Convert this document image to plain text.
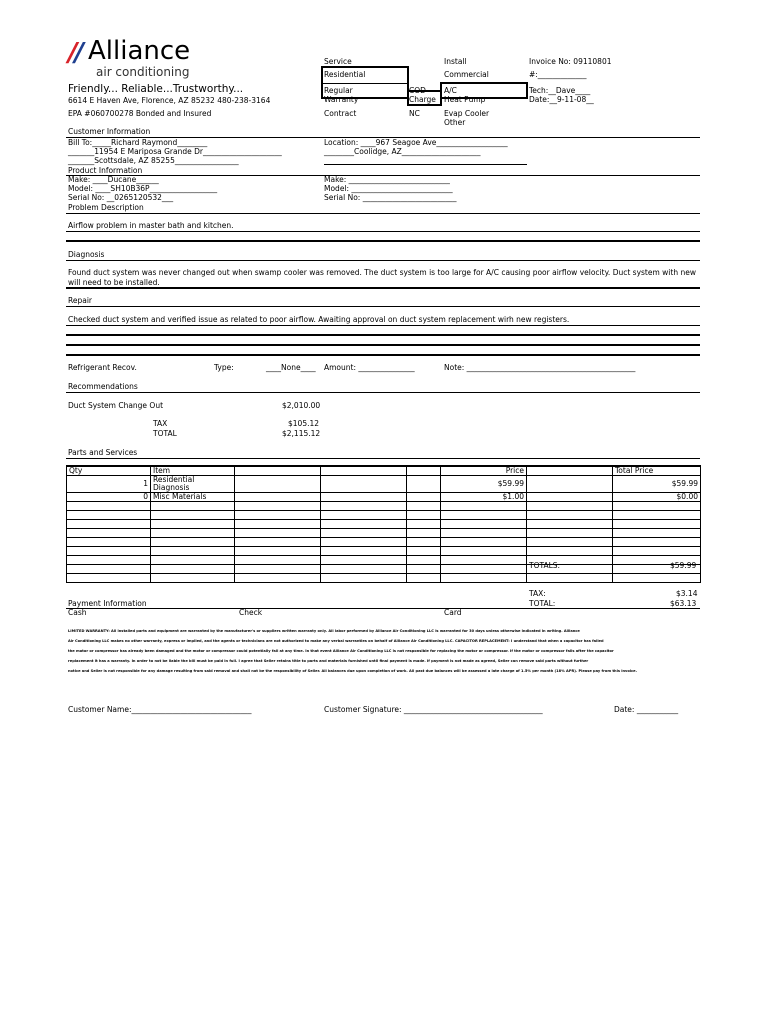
// Alliance
air conditioning
Friendly... Reliable...Trustworthy...
6614 E Haven Ave, Florence, AZ 85232 480-238-3164
EPA #060700278 Bonded and Insured
Service	Install	Invoice No: 09110801
Residential	Commercial	#:_____________
Regular	COD A/C	Tech:__Dave____
Warranty	Charge Heat Pump	Date:__9-11-08__
Contract	NC	Evap Cooler
Other
Customer Information
Bill To:_____Richard Raymond________
_______11954 E Mariposa Grande Dr_____________________
_______Scottsdale, AZ 85255_________________
Location: ____967 Seagoe Ave___________________
________Coolidge, AZ_____________________
Product Information
Make: ____Ducane______
Model: ____SH10B36P__________________
Serial No: __0265120532___
Make: ___________________________
Model: ___________________________
Serial No: _________________________
Problem Description
Airflow problem in master bath and kitchen.
Diagnosis
Found duct system was never changed out when swamp cooler was removed. The duct system is too large for A/C causing poor airflow velocity. Duct system with new
will need to be installed.
Repair
Checked duct system and verified issue as related to poor airflow. Awaiting approval on duct system replacement wirh new registers.
Refrigerant Recov.	Type:	____None____ Amount: _______________	Note: _____________________________________________
Recommendations
Duct System Change Out	$2,010.00
TAX	$105.12
TOTAL	$2,115.12
Parts and Services
Qty	Item				Price		Total Price
1	Residential Diagnosis				$59.99		$59.99
0	Misc Materials				$1.00		$0.00

TOTALS:	$59.99
TAX:	$3.14
TOTAL:	$63.13
Payment Information
Cash	Check	Card
LIMITED WARRANTY: All installed parts and equipment are warranted by the manufacturer's or suppliers written warranty only. All labor performed by Alliance Air Conditioning LLC is warranted for 30 days unless otherwise indicated in writing. Alliance
Air Conditioning LLC makes no other warranty, express or implied, and the agents or technicians are not authorized to make any verbal warranties on behalf of Alliance Air Conditioning LLC. CAPACITOR REPLACEMENT: I understand that when a capacitor has failed
the motor or compressor has already been damaged and the motor or compressor could potentially fail at any time. In that event Alliance Air Conditioning LLC is not responsible for replacing the motor or compressor. If the motor or compressor fails after the capacitor
replacement it has a warranty. In order to not be liable the bill must be paid in full. I agree that Seller retains title to parts and materials furnished until final payment is made. If payment is not made as agreed, Seller can remove said parts without further
notice and Seller is not responsible for any damage resulting from said removal and shall not be the responsibility of Seller. All balances due upon completion of work. All past due balances will be assessed a late charge of 1.5% per month (18% APR). Please pay from this invoice.
Customer Name:________________________________	Customer Signature: _____________________________________	Date: ___________
